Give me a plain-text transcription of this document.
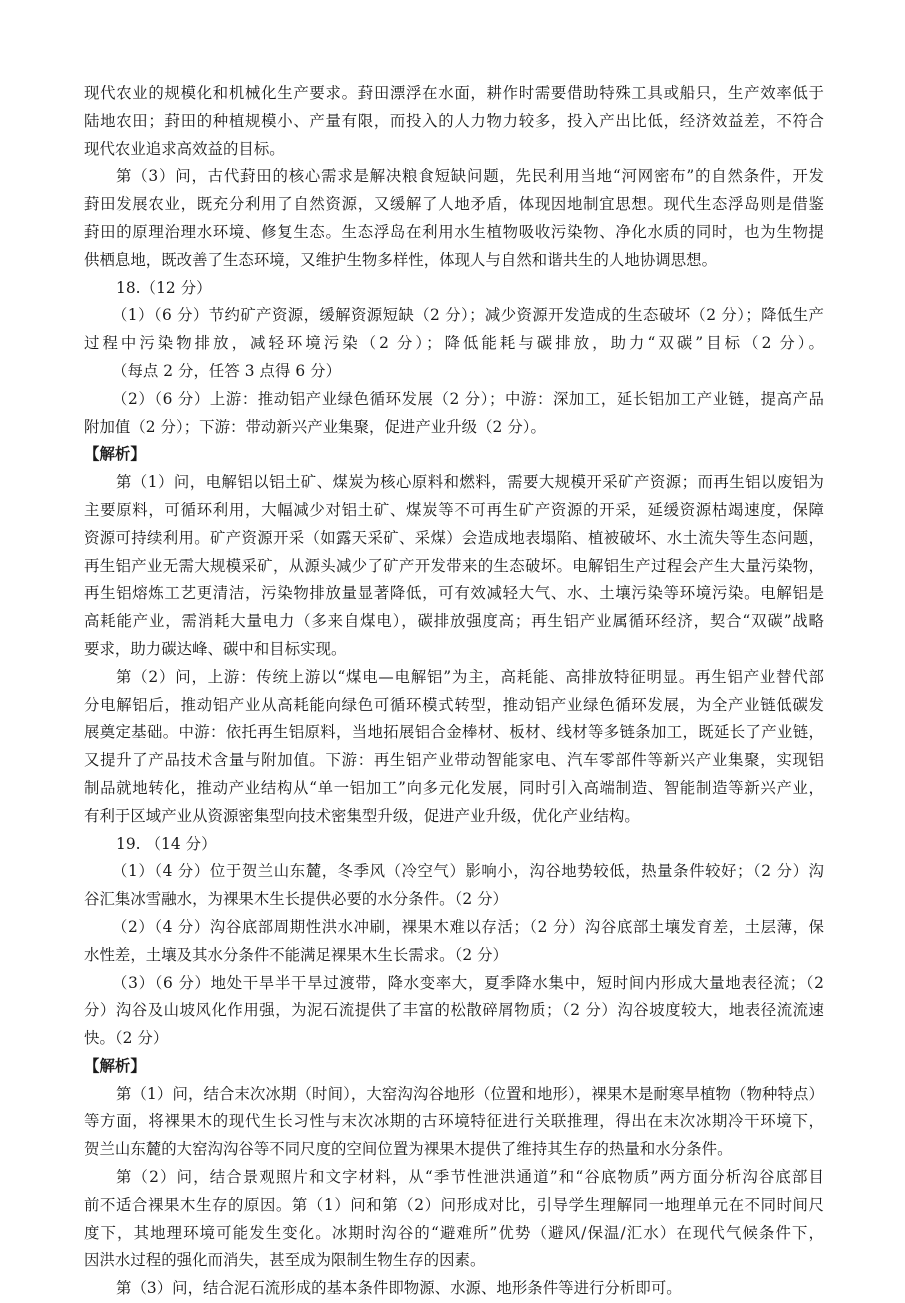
现代农业的规模化和机械化生产要求。葑田漂浮在水面，耕作时需要借助特殊工具或船只，生产效率低于
陆地农田；葑田的种植规模小、产量有限，而投入的人力物力较多，投入产出比低，经济效益差，不符合
现代农业追求高效益的目标。
第（3）问，古代葑田的核心需求是解决粮食短缺问题，先民利用当地“河网密布”的自然条件，开发
葑田发展农业，既充分利用了自然资源，又缓解了人地矛盾，体现因地制宜思想。现代生态浮岛则是借鉴
葑田的原理治理水环境、修复生态。生态浮岛在利用水生植物吸收污染物、净化水质的同时，也为生物提
供栖息地，既改善了生态环境，又维护生物多样性，体现人与自然和谐共生的人地协调思想。
18.（12 分）
（1）（6 分）节约矿产资源，缓解资源短缺（2 分）；减少资源开发造成的生态破坏（2 分）；降低生产
过程中污染物排放，减轻环境污染（2 分）；降低能耗与碳排放，助力“双碳”目标（2 分）。
（每点 2 分，任答 3 点得 6 分）
（2）（6 分）上游：推动铝产业绿色循环发展（2 分）；中游：深加工，延长铝加工产业链，提高产品
附加值（2 分）；下游：带动新兴产业集聚，促进产业升级（2 分）。
【解析】
第（1）问，电解铝以铝土矿、煤炭为核心原料和燃料，需要大规模开采矿产资源；而再生铝以废铝为
主要原料，可循环利用，大幅减少对铝土矿、煤炭等不可再生矿产资源的开采，延缓资源枯竭速度，保障
资源可持续利用。矿产资源开采（如露天采矿、采煤）会造成地表塌陷、植被破坏、水土流失等生态问题，
再生铝产业无需大规模采矿，从源头减少了矿产开发带来的生态破坏。电解铝生产过程会产生大量污染物，
再生铝熔炼工艺更清洁，污染物排放量显著降低，可有效减轻大气、水、土壤污染等环境污染。电解铝是
高耗能产业，需消耗大量电力（多来自煤电），碳排放强度高；再生铝产业属循环经济，契合“双碳”战略
要求，助力碳达峰、碳中和目标实现。
第（2）问，上游：传统上游以“煤电—电解铝”为主，高耗能、高排放特征明显。再生铝产业替代部
分电解铝后，推动铝产业从高耗能向绿色可循环模式转型，推动铝产业绿色循环发展，为全产业链低碳发
展奠定基础。中游：依托再生铝原料，当地拓展铝合金棒材、板材、线材等多链条加工，既延长了产业链，
又提升了产品技术含量与附加值。下游：再生铝产业带动智能家电、汽车零部件等新兴产业集聚，实现铝
制品就地转化，推动产业结构从“单一铝加工”向多元化发展，同时引入高端制造、智能制造等新兴产业，
有利于区域产业从资源密集型向技术密集型升级，促进产业升级，优化产业结构。
19. （14 分）
（1）（4 分）位于贺兰山东麓，冬季风（冷空气）影响小，沟谷地势较低，热量条件较好；（2 分）沟
谷汇集冰雪融水，为裸果木生长提供必要的水分条件。（2 分）
（2）（4 分）沟谷底部周期性洪水冲刷，裸果木难以存活；（2 分）沟谷底部土壤发育差，土层薄，保
水性差，土壤及其水分条件不能满足裸果木生长需求。（2 分）
（3）（6 分）地处干旱半干旱过渡带，降水变率大，夏季降水集中，短时间内形成大量地表径流；（2
分）沟谷及山坡风化作用强，为泥石流提供了丰富的松散碎屑物质；（2 分）沟谷坡度较大，地表径流流速
快。（2 分）
【解析】
第（1）问，结合末次冰期（时间），大窑沟沟谷地形（位置和地形），裸果木是耐寒旱植物（物种特点）
等方面，将裸果木的现代生长习性与末次冰期的古环境特征进行关联推理，得出在末次冰期冷干环境下，
贺兰山东麓的大窑沟沟谷等不同尺度的空间位置为裸果木提供了维持其生存的热量和水分条件。
第（2）问，结合景观照片和文字材料，从“季节性泄洪通道”和“谷底物质”两方面分析沟谷底部目
前不适合裸果木生存的原因。第（1）问和第（2）问形成对比，引导学生理解同一地理单元在不同时间尺
度下，其地理环境可能发生变化。冰期时沟谷的“避难所”优势（避风/保温/汇水）在现代气候条件下，
因洪水过程的强化而消失，甚至成为限制生物生存的因素。
第（3）问，结合泥石流形成的基本条件即物源、水源、地形条件等进行分析即可。
